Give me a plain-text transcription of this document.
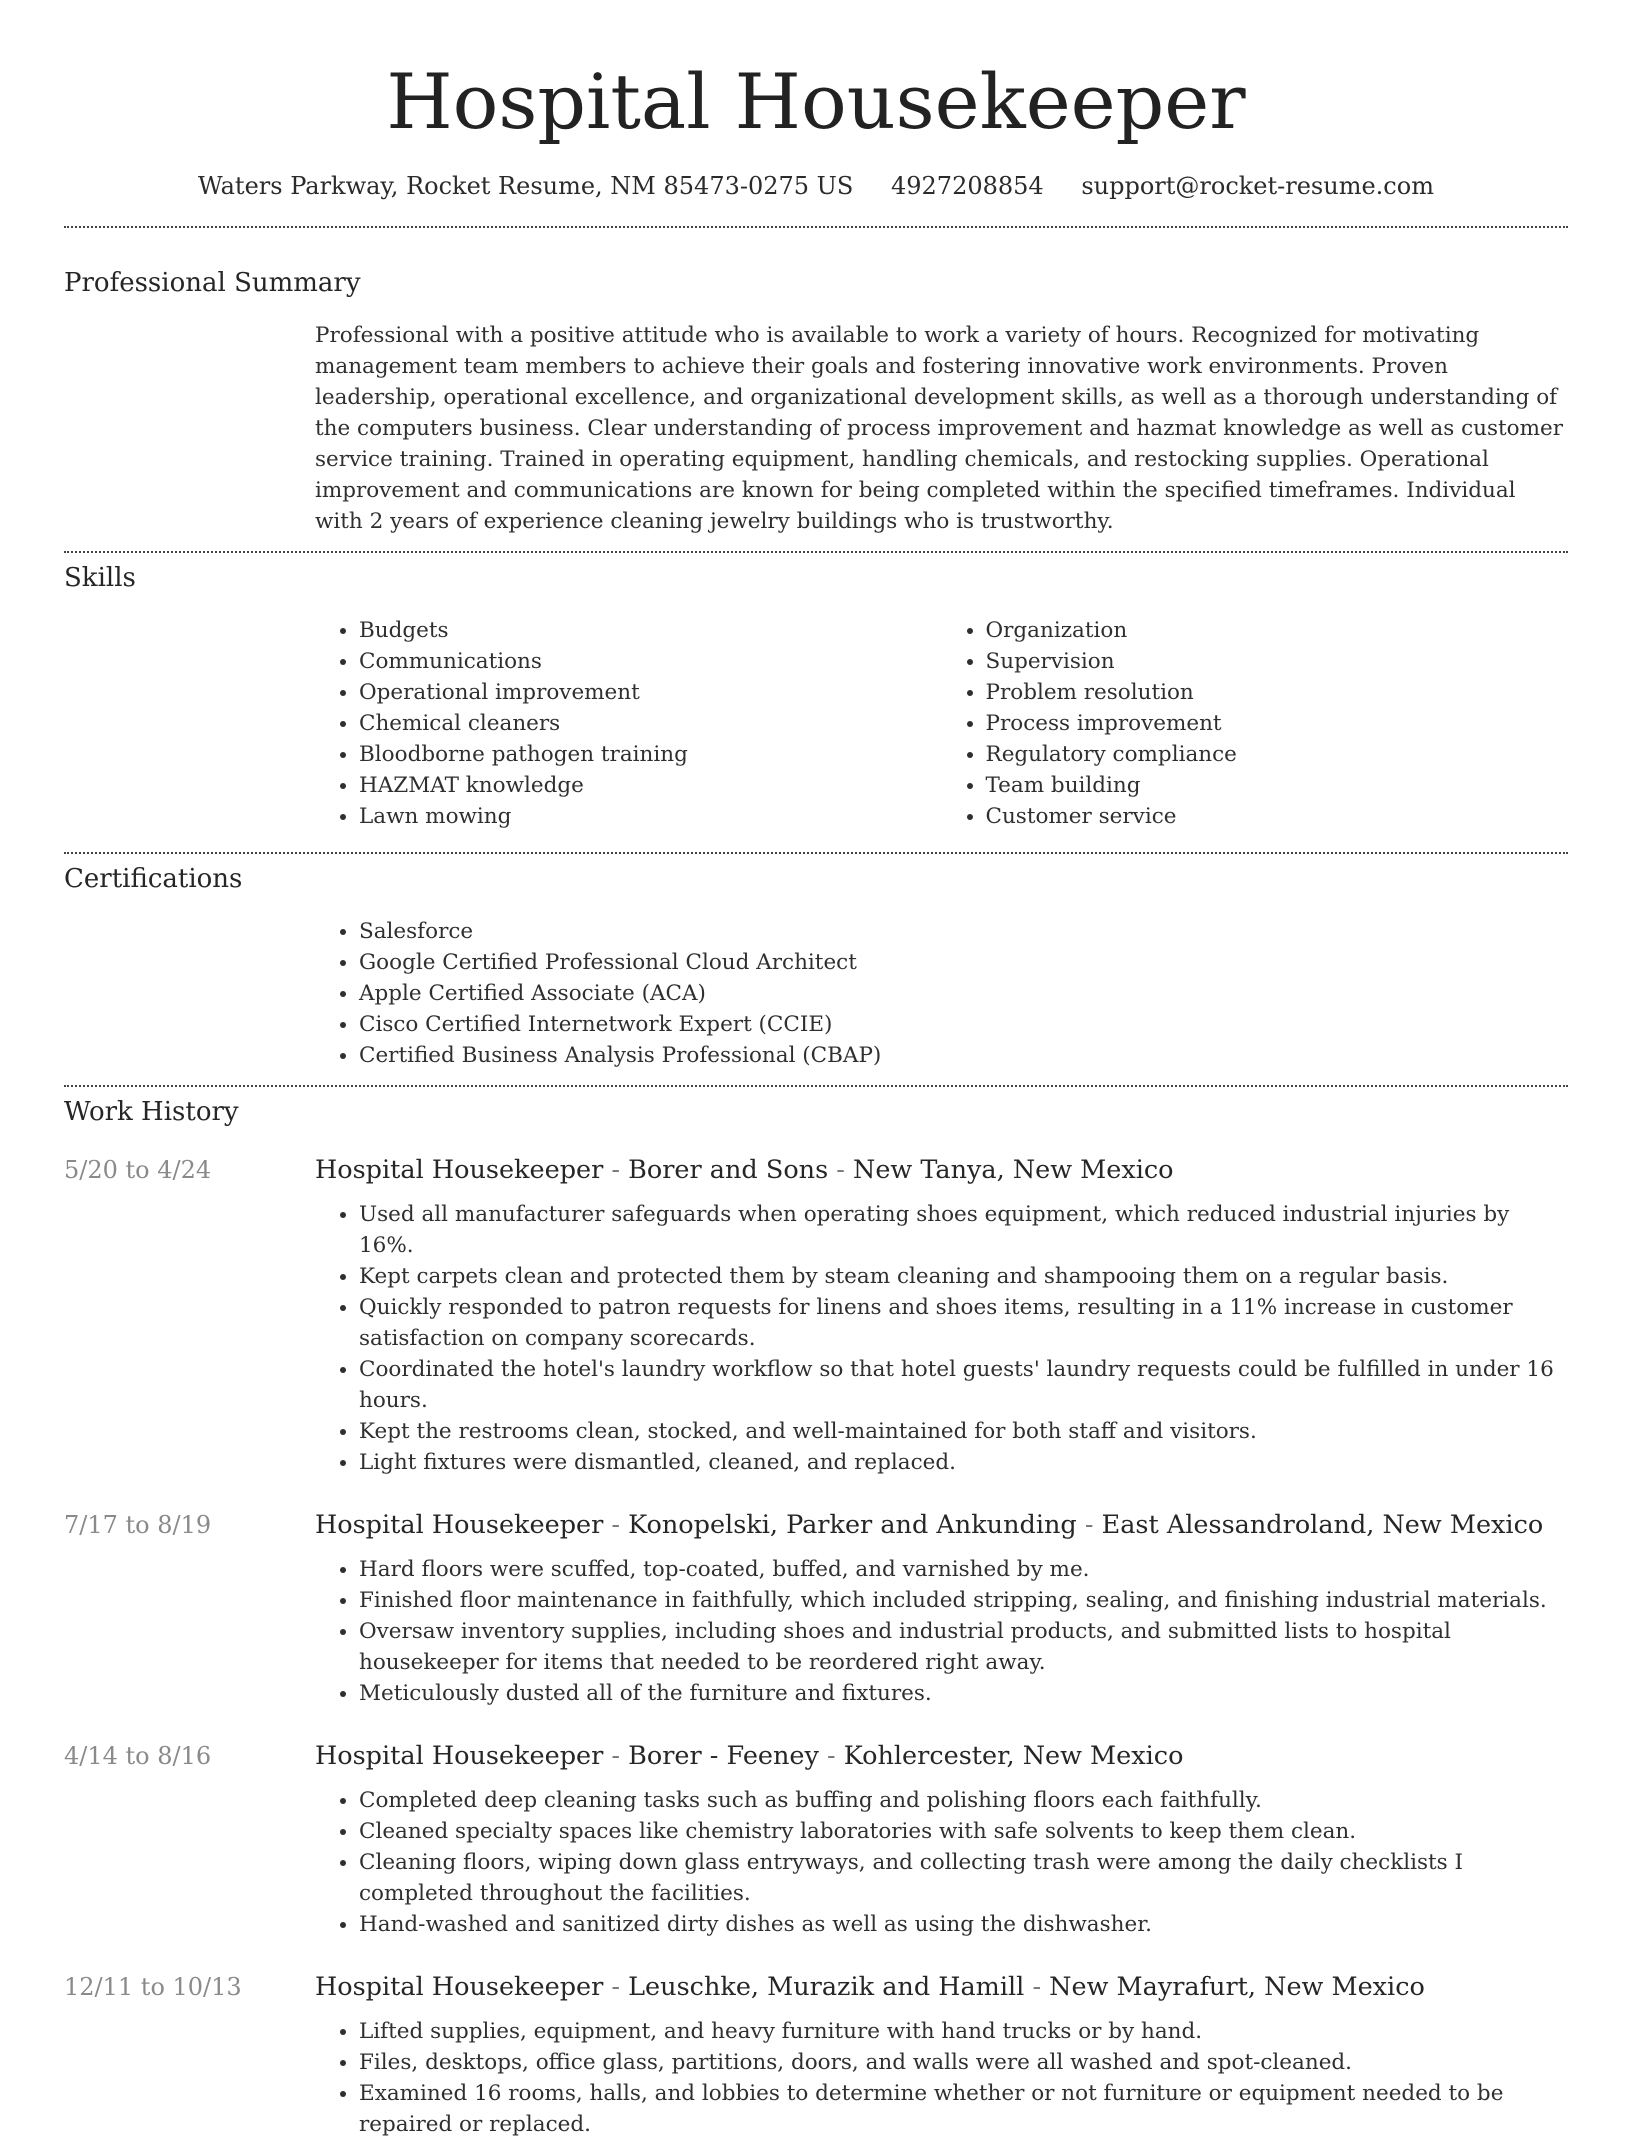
Hospital Housekeeper
Waters Parkway, Rocket Resume, NM 85473-0275 US 4927208854 support@rocket-resume.com
Professional Summary

Professional with a positive attitude who is available to work a variety of hours. Recognized for motivating management team members to achieve their goals and fostering innovative work environments. Proven leadership, operational excellence, and organizational development skills, as well as a thorough understanding of the computers business. Clear understanding of process improvement and hazmat knowledge as well as customer service training. Trained in operating equipment, handling chemicals, and restocking supplies. Operational improvement and communications are known for being completed within the specified timeframes. Individual with 2 years of experience cleaning jewelry buildings who is trustworthy.

Skills
• Budgets
• Communications
• Operational improvement
• Chemical cleaners
• Bloodborne pathogen training
• HAZMAT knowledge
• Lawn mowing
• Organization
• Supervision
• Problem resolution
• Process improvement
• Regulatory compliance
• Team building
• Customer service
Certifications
• Salesforce
• Google Certified Professional Cloud Architect
• Apple Certified Associate (ACA)
• Cisco Certified Internetwork Expert (CCIE)
• Certified Business Analysis Professional (CBAP)
Work History
5/20 to 4/24	Hospital Housekeeper - Borer and Sons - New Tanya, New Mexico
• Used all manufacturer safeguards when operating shoes equipment, which reduced industrial injuries by 16%.
• Kept carpets clean and protected them by steam cleaning and shampooing them on a regular basis.
• Quickly responded to patron requests for linens and shoes items, resulting in a 11% increase in customer satisfaction on company scorecards.
• Coordinated the hotel's laundry workflow so that hotel guests' laundry requests could be fulfilled in under 16 hours.
• Kept the restrooms clean, stocked, and well-maintained for both staff and visitors.
• Light fixtures were dismantled, cleaned, and replaced.
7/17 to 8/19	Hospital Housekeeper - Konopelski, Parker and Ankunding - East Alessandroland, New Mexico
• Hard floors were scuffed, top-coated, buffed, and varnished by me.
• Finished floor maintenance in faithfully, which included stripping, sealing, and finishing industrial materials.
• Oversaw inventory supplies, including shoes and industrial products, and submitted lists to hospital housekeeper for items that needed to be reordered right away.
• Meticulously dusted all of the furniture and fixtures.
4/14 to 8/16	Hospital Housekeeper - Borer - Feeney - Kohlercester, New Mexico
• Completed deep cleaning tasks such as buffing and polishing floors each faithfully.
• Cleaned specialty spaces like chemistry laboratories with safe solvents to keep them clean.
• Cleaning floors, wiping down glass entryways, and collecting trash were among the daily checklists I completed throughout the facilities.
• Hand-washed and sanitized dirty dishes as well as using the dishwasher.
12/11 to 10/13	Hospital Housekeeper - Leuschke, Murazik and Hamill - New Mayrafurt, New Mexico
• Lifted supplies, equipment, and heavy furniture with hand trucks or by hand.
• Files, desktops, office glass, partitions, doors, and walls were all washed and spot-cleaned.
• Examined 16 rooms, halls, and lobbies to determine whether or not furniture or equipment needed to be repaired or replaced.
